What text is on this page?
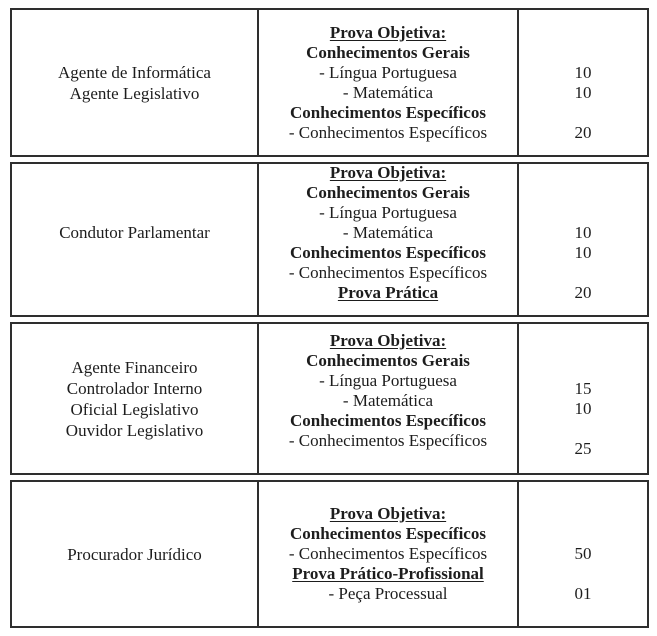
Agente de Informática
Agente Legislativo
Prova Objetiva:
Conhecimentos Gerais
- Língua Portuguesa
- Matemática
Conhecimentos Específicos
- Conhecimentos Específicos
10
10
20
Condutor Parlamentar
Prova Objetiva:
Conhecimentos Gerais
- Língua Portuguesa
- Matemática
Conhecimentos Específicos
- Conhecimentos Específicos
Prova Prática
10
10
20
Agente Financeiro
Controlador Interno
Oficial Legislativo
Ouvidor Legislativo
Prova Objetiva:
Conhecimentos Gerais
- Língua Portuguesa
- Matemática
Conhecimentos Específicos
- Conhecimentos Específicos
15
10
25
Procurador Jurídico
Prova Objetiva:
Conhecimentos Específicos
- Conhecimentos Específicos
Prova Prático-Profissional
- Peça Processual
50
01
